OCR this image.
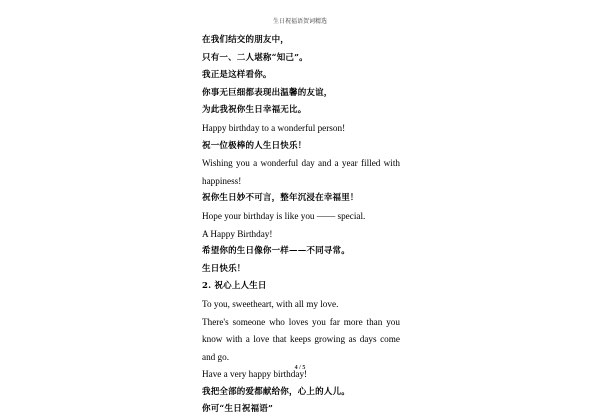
生日祝福语贺词精选
在我们结交的朋友中，
只有一、二人堪称“知己”。
我正是这样看你。
你事无巨细都表现出温馨的友谊，
为此我祝你生日幸福无比。
Happy birthday to a wonderful person!
祝一位极棒的人生日快乐！
Wishing you a wonderful day and a year filled with
happiness!
祝你生日妙不可言，整年沉浸在幸福里！
Hope your birthday is like you —— special.
A Happy Birthday!
希望你的生日像你一样——不同寻常。
生日快乐！
2. 祝心上人生日
To you, sweetheart, with all my love.
There's someone who loves you far more than you
know with a love that keeps growing as days come
and go.
Have a very happy birthday!
我把全部的爱都献给你，心上的人儿。
你可“生日祝福语”
4 / 5
